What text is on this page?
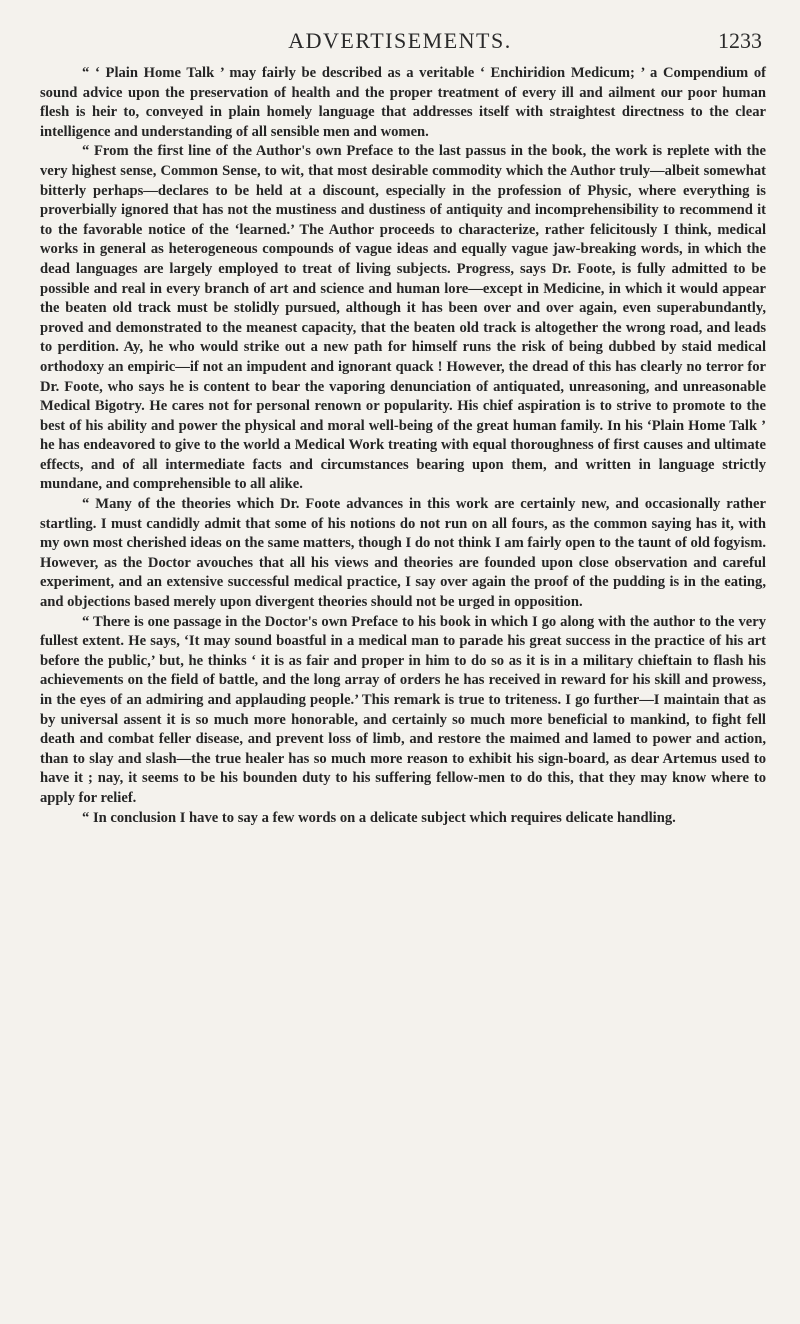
ADVERTISEMENTS.	1233

“ ‘ Plain Home Talk ’ may fairly be described as a veritable ‘ Enchiridion Medicum; ’ a Compendium of sound advice upon the preservation of health and the proper treatment of every ill and ailment our poor human flesh is heir to, conveyed in plain homely language that addresses itself with straightest directness to the clear intelligence and understanding of all sensible men and women.

“ From the first line of the Author's own Preface to the last passus in the book, the work is replete with the very highest sense, Common Sense, to wit, that most desirable commodity which the Author truly—albeit somewhat bitterly perhaps—declares to be held at a discount, especially in the profession of Physic, where everything is proverbially ignored that has not the mustiness and dustiness of antiquity and incomprehensibility to recommend it to the favorable notice of the ‘learned.’ The Author proceeds to characterize, rather felicitously I think, medical works in general as heterogeneous compounds of vague ideas and equally vague jaw-breaking words, in which the dead languages are largely employed to treat of living subjects. Progress, says Dr. Foote, is fully admitted to be possible and real in every branch of art and science and human lore—except in Medicine, in which it would appear the beaten old track must be stolidly pursued, although it has been over and over again, even superabundantly, proved and demonstrated to the meanest capacity, that the beaten old track is altogether the wrong road, and leads to perdition. Ay, he who would strike out a new path for himself runs the risk of being dubbed by staid medical orthodoxy an empiric—if not an impudent and ignorant quack ! However, the dread of this has clearly no terror for Dr. Foote, who says he is content to bear the vaporing denunciation of antiquated, unreasoning, and unreasonable Medical Bigotry. He cares not for personal renown or popularity. His chief aspiration is to strive to promote to the best of his ability and power the physical and moral well-being of the great human family. In his ‘Plain Home Talk ’ he has endeavored to give to the world a Medical Work treating with equal thoroughness of first causes and ultimate effects, and of all intermediate facts and circumstances bearing upon them, and written in language strictly mundane, and comprehensible to all alike.

“ Many of the theories which Dr. Foote advances in this work are certainly new, and occasionally rather startling. I must candidly admit that some of his notions do not run on all fours, as the common saying has it, with my own most cherished ideas on the same matters, though I do not think I am fairly open to the taunt of old fogyism. However, as the Doctor avouches that all his views and theories are founded upon close observation and careful experiment, and an extensive successful medical practice, I say over again the proof of the pudding is in the eating, and objections based merely upon divergent theories should not be urged in opposition.

“ There is one passage in the Doctor's own Preface to his book in which I go along with the author to the very fullest extent. He says, ‘It may sound boastful in a medical man to parade his great success in the practice of his art before the public,’ but, he thinks ‘ it is as fair and proper in him to do so as it is in a military chieftain to flash his achievements on the field of battle, and the long array of orders he has received in reward for his skill and prowess, in the eyes of an admiring and applauding people.’ This remark is true to triteness. I go further—I maintain that as by universal assent it is so much more honorable, and certainly so much more beneficial to mankind, to fight fell death and combat feller disease, and prevent loss of limb, and restore the maimed and lamed to power and action, than to slay and slash—the true healer has so much more reason to exhibit his sign-board, as dear Artemus used to have it ; nay, it seems to be his bounden duty to his suffering fellow-men to do this, that they may know where to apply for relief.

“ In conclusion I have to say a few words on a delicate subject which requires delicate handling.
